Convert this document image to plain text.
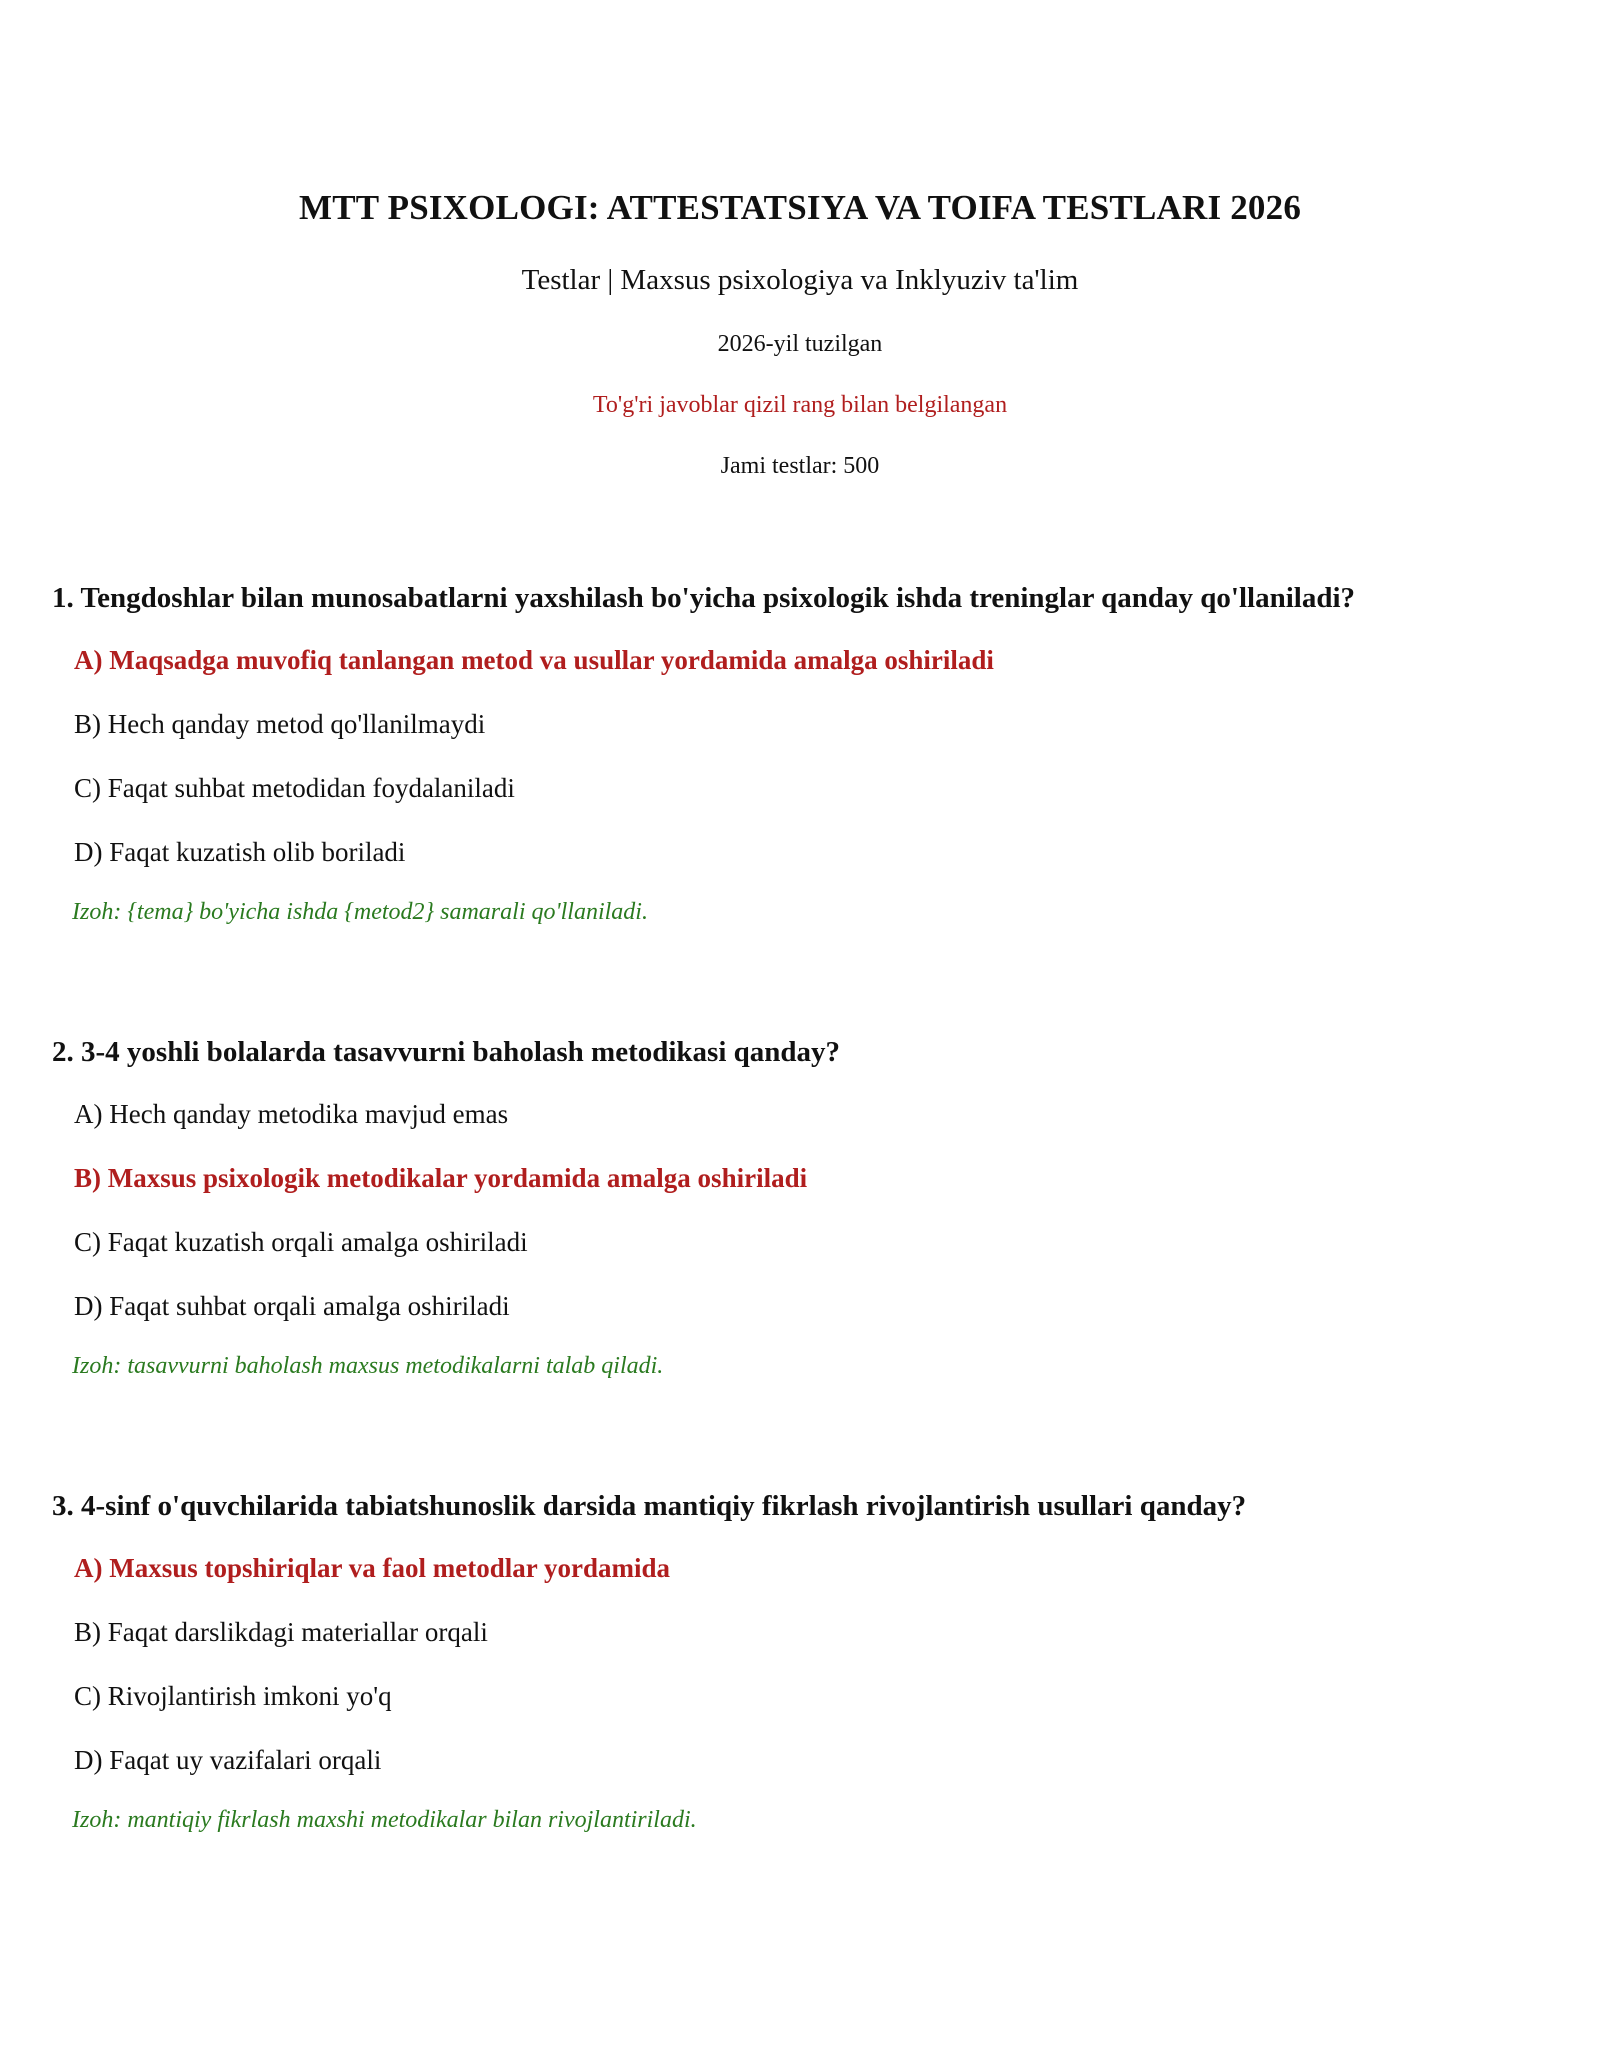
MTT PSIXOLOGI: ATTESTATSIYA VA TOIFA TESTLARI 2026
Testlar | Maxsus psixologiya va Inklyuziv ta'lim
2026-yil tuzilgan
To'g'ri javoblar qizil rang bilan belgilangan
Jami testlar: 500
1. Tengdoshlar bilan munosabatlarni yaxshilash bo'yicha psixologik ishda treninglar qanday qo'llaniladi?
A) Maqsadga muvofiq tanlangan metod va usullar yordamida amalga oshiriladi
B) Hech qanday metod qo'llanilmaydi
C) Faqat suhbat metodidan foydalaniladi
D) Faqat kuzatish olib boriladi
Izoh: {tema} bo'yicha ishda {metod2} samarali qo'llaniladi.
2. 3-4 yoshli bolalarda tasavvurni baholash metodikasi qanday?
A) Hech qanday metodika mavjud emas
B) Maxsus psixologik metodikalar yordamida amalga oshiriladi
C) Faqat kuzatish orqali amalga oshiriladi
D) Faqat suhbat orqali amalga oshiriladi
Izoh: tasavvurni baholash maxsus metodikalarni talab qiladi.
3. 4-sinf o'quvchilarida tabiatshunoslik darsida mantiqiy fikrlash rivojlantirish usullari qanday?
A) Maxsus topshiriqlar va faol metodlar yordamida
B) Faqat darslikdagi materiallar orqali
C) Rivojlantirish imkoni yo'q
D) Faqat uy vazifalari orqali
Izoh: mantiqiy fikrlash maxshi metodikalar bilan rivojlantiriladi.
